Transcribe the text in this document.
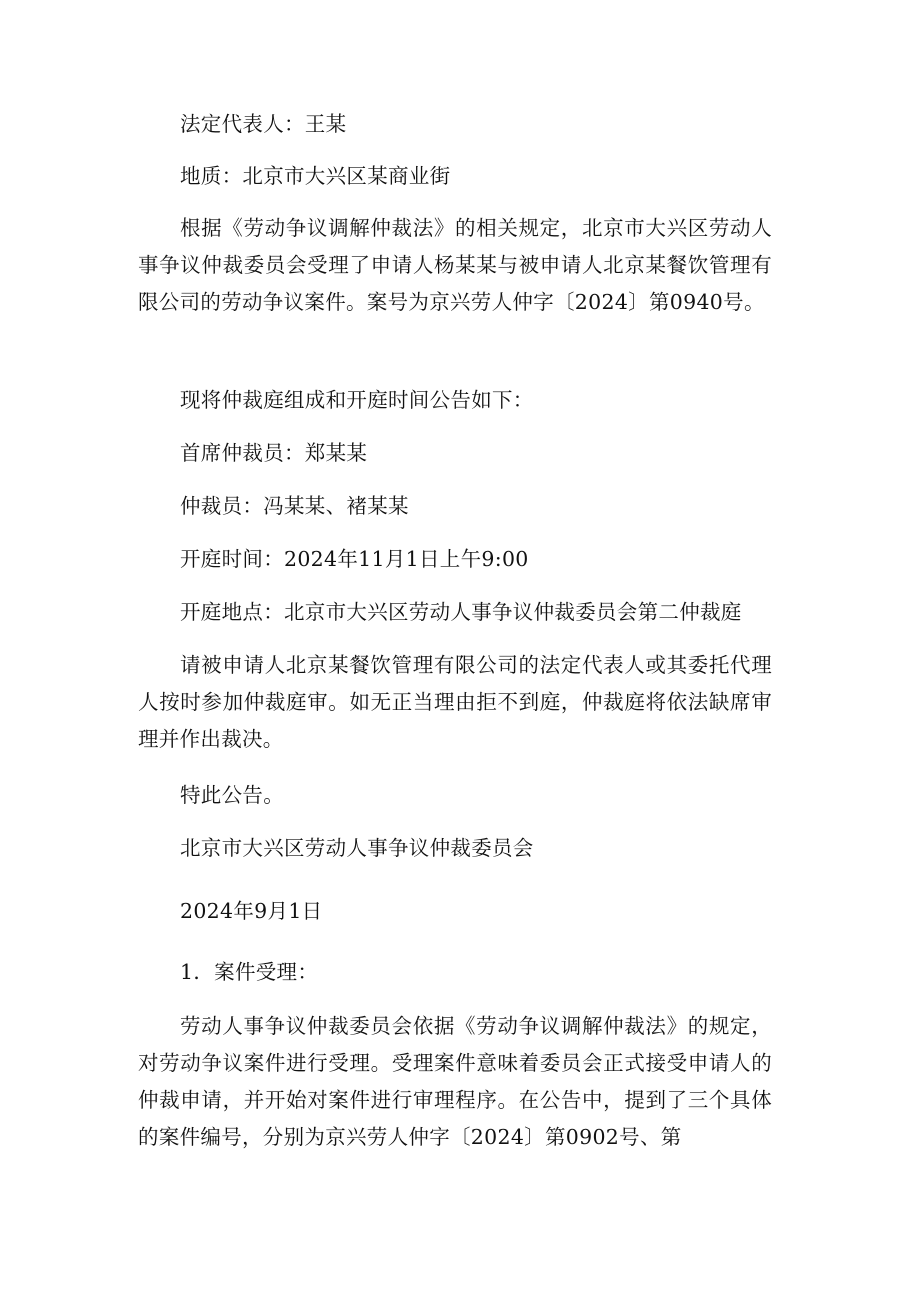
法定代表人：王某

地质：北京市大兴区某商业街

根据《劳动争议调解仲裁法》的相关规定，北京市大兴区劳动人事争议仲裁委员会受理了申请人杨某某与被申请人北京某餐饮管理有限公司的劳动争议案件。案号为京兴劳人仲字〔2024〕第0940号。

现将仲裁庭组成和开庭时间公告如下：

首席仲裁员：郑某某

仲裁员：冯某某、褚某某

开庭时间：2024年11月1日上午9:00

开庭地点：北京市大兴区劳动人事争议仲裁委员会第二仲裁庭

请被申请人北京某餐饮管理有限公司的法定代表人或其委托代理人按时参加仲裁庭审。如无正当理由拒不到庭，仲裁庭将依法缺席审理并作出裁决。

特此公告。

北京市大兴区劳动人事争议仲裁委员会

2024年9月1日

1．案件受理：

劳动人事争议仲裁委员会依据《劳动争议调解仲裁法》的规定，对劳动争议案件进行受理。受理案件意味着委员会正式接受申请人的仲裁申请，并开始对案件进行审理程序。在公告中，提到了三个具体的案件编号，分别为京兴劳人仲字〔2024〕第0902号、第
